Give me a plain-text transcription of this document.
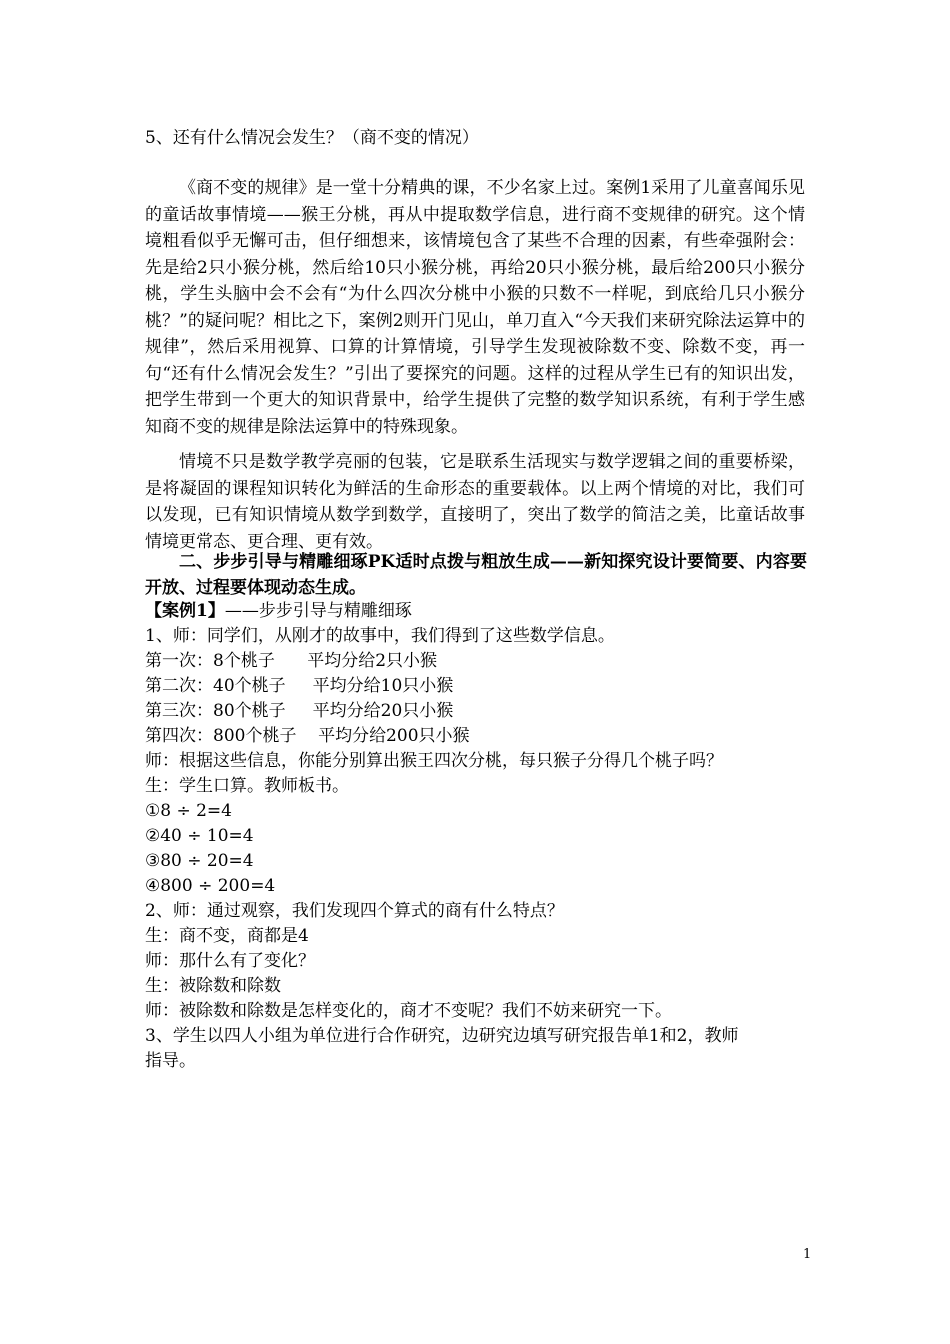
5、还有什么情况会发生？（商不变的情况）

《商不变的规律》是一堂十分精典的课，不少名家上过。案例1采用了儿童喜闻乐见的童话故事情境——猴王分桃，再从中提取数学信息，进行商不变规律的研究。这个情境粗看似乎无懈可击，但仔细想来，该情境包含了某些不合理的因素，有些牵强附会：先是给2只小猴分桃，然后给10只小猴分桃，再给20只小猴分桃，最后给200只小猴分桃，学生头脑中会不会有“为什么四次分桃中小猴的只数不一样呢，到底给几只小猴分桃？”的疑问呢？相比之下，案例2则开门见山，单刀直入“今天我们来研究除法运算中的规律”，然后采用视算、口算的计算情境，引导学生发现被除数不变、除数不变，再一句“还有什么情况会发生？”引出了要探究的问题。这样的过程从学生已有的知识出发，把学生带到一个更大的知识背景中，给学生提供了完整的数学知识系统，有利于学生感知商不变的规律是除法运算中的特殊现象。

情境不只是数学教学亮丽的包装，它是联系生活现实与数学逻辑之间的重要桥梁，是将凝固的课程知识转化为鲜活的生命形态的重要载体。以上两个情境的对比，我们可以发现，已有知识情境从数学到数学，直接明了，突出了数学的简洁之美，比童话故事情境更常态、更合理、更有效。

二、步步引导与精雕细琢PK适时点拨与粗放生成——新知探究设计要简要、内容要开放、过程要体现动态生成。

【案例1】——步步引导与精雕细琢
1、师：同学们，从刚才的故事中，我们得到了这些数学信息。
第一次：8个桃子      平均分给2只小猴
第二次：40个桃子     平均分给10只小猴
第三次：80个桃子     平均分给20只小猴
第四次：800个桃子    平均分给200只小猴
师：根据这些信息，你能分别算出猴王四次分桃，每只猴子分得几个桃子吗？
生：学生口算。教师板书。
①8 ÷ 2=4
②40 ÷ 10=4
③80 ÷ 20=4
④800 ÷ 200=4
2、师：通过观察，我们发现四个算式的商有什么特点？
生：商不变，商都是4
师：那什么有了变化？
生：被除数和除数
师：被除数和除数是怎样变化的，商才不变呢？我们不妨来研究一下。
3、学生以四人小组为单位进行合作研究，边研究边填写研究报告单1和2，教师
指导。
1
